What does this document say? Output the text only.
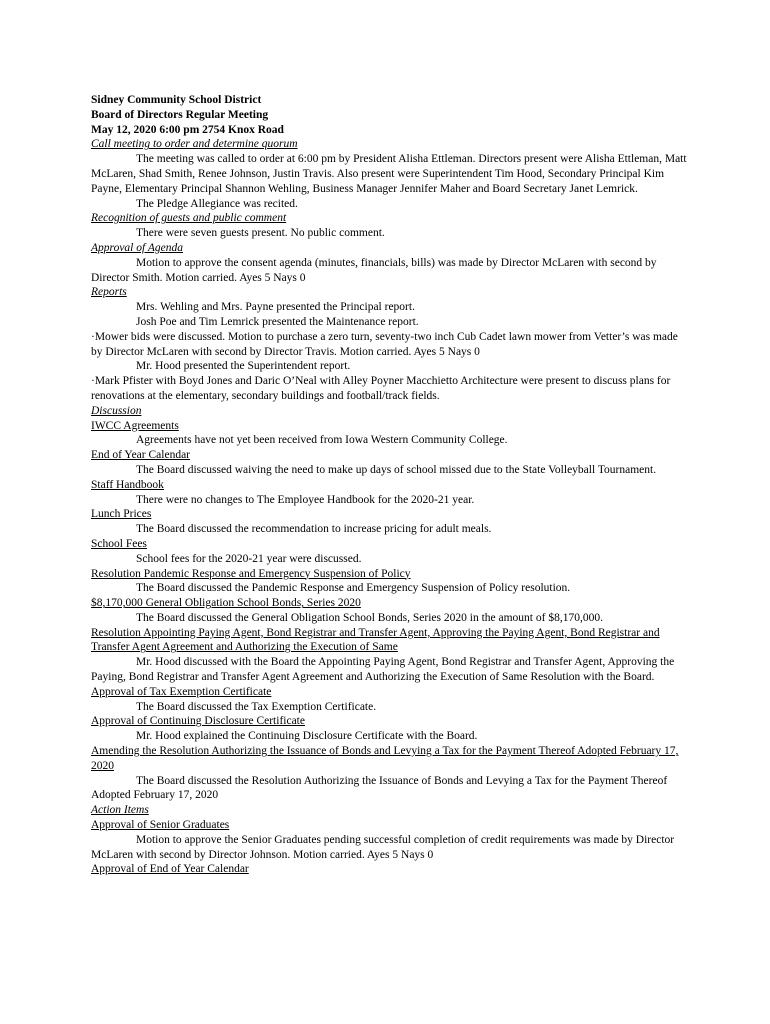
Sidney Community School District
Board of Directors Regular Meeting
May 12, 2020 6:00 pm 2754 Knox Road
Call meeting to order and determine quorum
The meeting was called to order at 6:00 pm by President Alisha Ettleman. Directors present were Alisha Ettleman, Matt McLaren, Shad Smith, Renee Johnson, Justin Travis. Also present were Superintendent Tim Hood, Secondary Principal Kim Payne, Elementary Principal Shannon Wehling, Business Manager Jennifer Maher and Board Secretary Janet Lemrick.
The Pledge Allegiance was recited.
Recognition of guests and public comment
There were seven guests present. No public comment.
Approval of Agenda
Motion to approve the consent agenda (minutes, financials, bills) was made by Director McLaren with second by Director Smith. Motion carried. Ayes 5 Nays 0
Reports
Mrs. Wehling and Mrs. Payne presented the Principal report.
Josh Poe and Tim Lemrick presented the Maintenance report.
·Mower bids were discussed. Motion to purchase a zero turn, seventy-two inch Cub Cadet lawn mower from Vetter’s was made by Director McLaren with second by Director Travis. Motion carried. Ayes 5 Nays 0
Mr. Hood presented the Superintendent report.
·Mark Pfister with Boyd Jones and Daric O’Neal with Alley Poyner Macchietto Architecture were present to discuss plans for renovations at the elementary, secondary buildings and football/track fields.
Discussion
IWCC Agreements
Agreements have not yet been received from Iowa Western Community College.
End of Year Calendar
The Board discussed waiving the need to make up days of school missed due to the State Volleyball Tournament.
Staff Handbook
There were no changes to The Employee Handbook for the 2020-21 year.
Lunch Prices
The Board discussed the recommendation to increase pricing for adult meals.
School Fees
School fees for the 2020-21 year were discussed.
Resolution Pandemic Response and Emergency Suspension of Policy
The Board discussed the Pandemic Response and Emergency Suspension of Policy resolution.
$8,170,000 General Obligation School Bonds, Series 2020
The Board discussed the General Obligation School Bonds, Series 2020 in the amount of $8,170,000.
Resolution Appointing Paying Agent, Bond Registrar and Transfer Agent, Approving the Paying Agent, Bond Registrar and Transfer Agent Agreement and Authorizing the Execution of Same
Mr. Hood discussed with the Board the Appointing Paying Agent, Bond Registrar and Transfer Agent, Approving the Paying, Bond Registrar and Transfer Agent Agreement and Authorizing the Execution of Same Resolution with the Board.
Approval of Tax Exemption Certificate
The Board discussed the Tax Exemption Certificate.
Approval of Continuing Disclosure Certificate
Mr. Hood explained the Continuing Disclosure Certificate with the Board.
Amending the Resolution Authorizing the Issuance of Bonds and Levying a Tax for the Payment Thereof Adopted February 17, 2020
The Board discussed the Resolution Authorizing the Issuance of Bonds and Levying a Tax for the Payment Thereof Adopted February 17, 2020
Action Items
Approval of Senior Graduates
Motion to approve the Senior Graduates pending successful completion of credit requirements was made by Director McLaren with second by Director Johnson. Motion carried. Ayes 5 Nays 0
Approval of End of Year Calendar
